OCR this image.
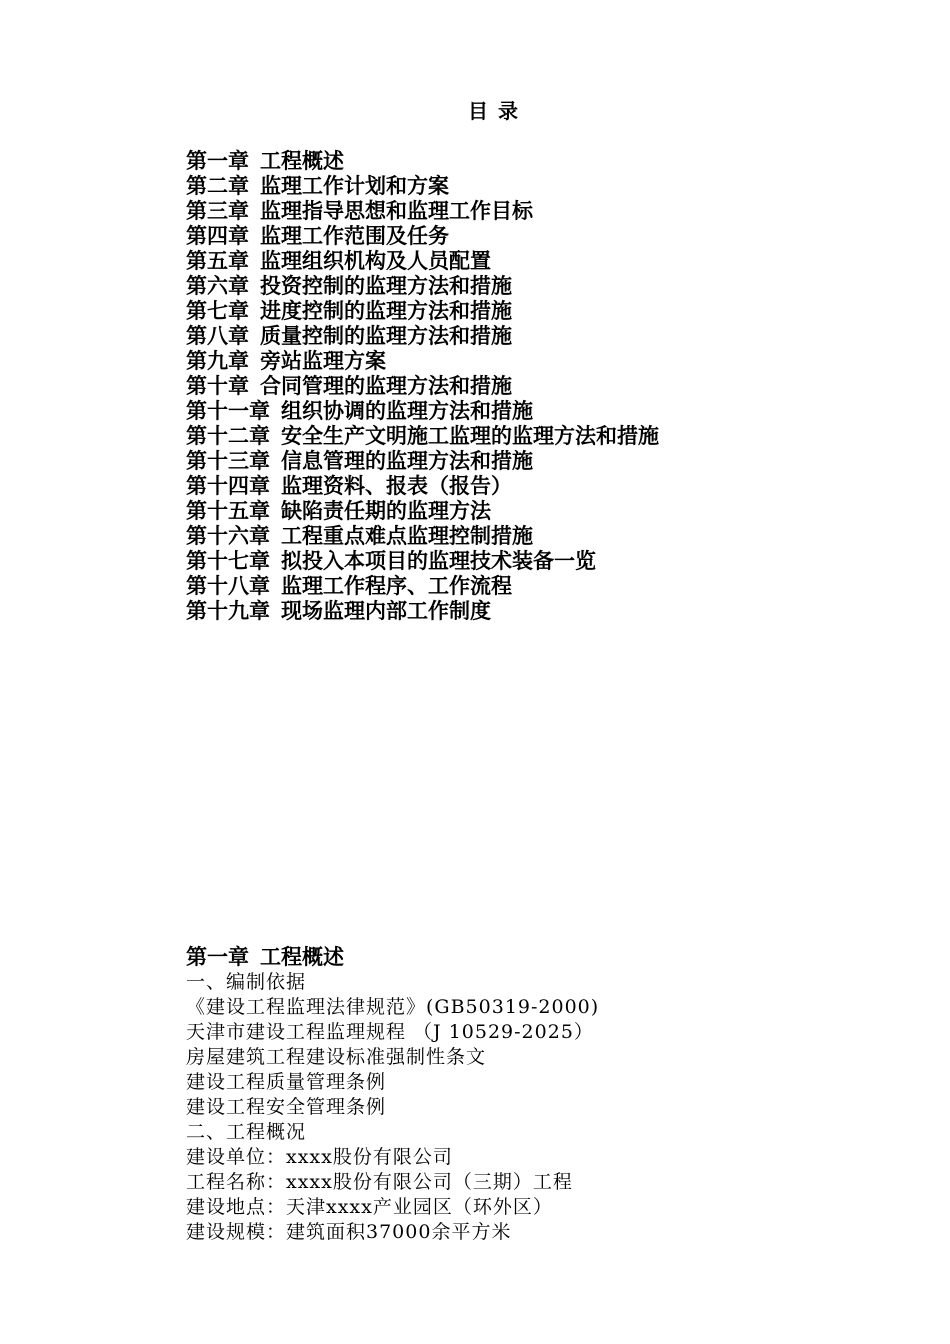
目录
第一章 工程概述
第二章 监理工作计划和方案
第三章 监理指导思想和监理工作目标
第四章 监理工作范围及任务
第五章 监理组织机构及人员配置
第六章 投资控制的监理方法和措施
第七章 进度控制的监理方法和措施
第八章 质量控制的监理方法和措施
第九章 旁站监理方案
第十章 合同管理的监理方法和措施
第十一章 组织协调的监理方法和措施
第十二章 安全生产文明施工监理的监理方法和措施
第十三章 信息管理的监理方法和措施
第十四章 监理资料、报表（报告）
第十五章 缺陷责任期的监理方法
第十六章 工程重点难点监理控制措施
第十七章 拟投入本项目的监理技术装备一览
第十八章 监理工作程序、工作流程
第十九章 现场监理内部工作制度
第一章 工程概述
一、编制依据
《建设工程监理法律规范》(GB50319-2000)
天津市建设工程监理规程 （J 10529-2025）
房屋建筑工程建设标准强制性条文
建设工程质量管理条例
建设工程安全管理条例
二、工程概况
建设单位：xxxx股份有限公司
工程名称：xxxx股份有限公司（三期）工程
建设地点：天津xxxx产业园区（环外区）
建设规模：建筑面积37000余平方米
